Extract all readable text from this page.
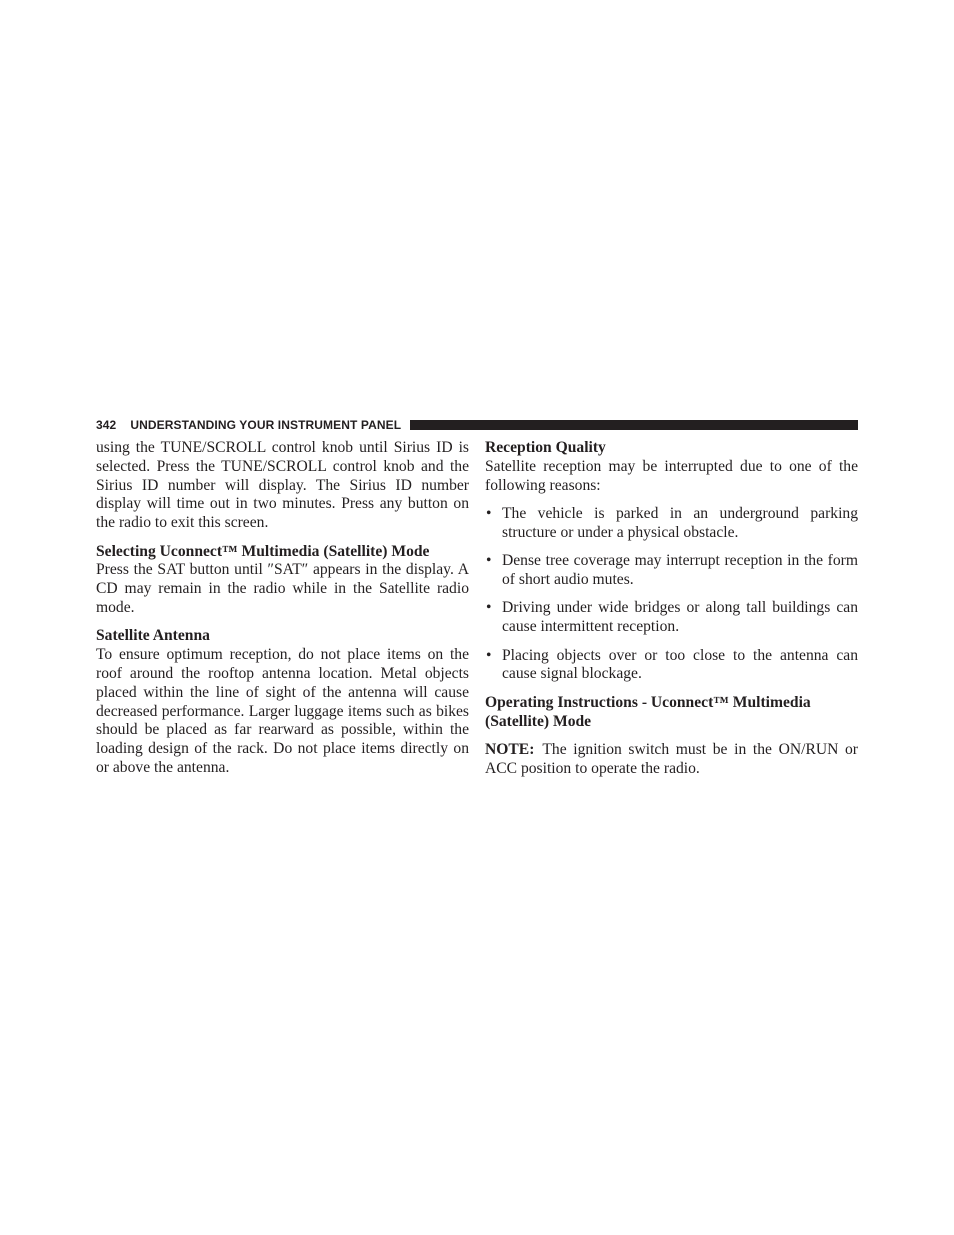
342 UNDERSTANDING YOUR INSTRUMENT PANEL

using the TUNE/SCROLL control knob until Sirius ID is selected. Press the TUNE/SCROLL control knob and the Sirius ID number will display. The Sirius ID number display will time out in two minutes. Press any button on the radio to exit this screen.

Selecting Uconnect™ Multimedia (Satellite) Mode

Press the SAT button until ″SAT″ appears in the display. A CD may remain in the radio while in the Satellite radio mode.

Satellite Antenna

To ensure optimum reception, do not place items on the roof around the rooftop antenna location. Metal objects placed within the line of sight of the antenna will cause decreased performance. Larger luggage items such as bikes should be placed as far rearward as possible, within the loading design of the rack. Do not place items directly on or above the antenna.

Reception Quality

Satellite reception may be interrupted due to one of the following reasons:

• The vehicle is parked in an underground parking structure or under a physical obstacle.
• Dense tree coverage may interrupt reception in the form of short audio mutes.
• Driving under wide bridges or along tall buildings can cause intermittent reception.
• Placing objects over or too close to the antenna can cause signal blockage.

Operating Instructions - Uconnect™ Multimedia (Satellite) Mode

NOTE: The ignition switch must be in the ON/RUN or ACC position to operate the radio.
